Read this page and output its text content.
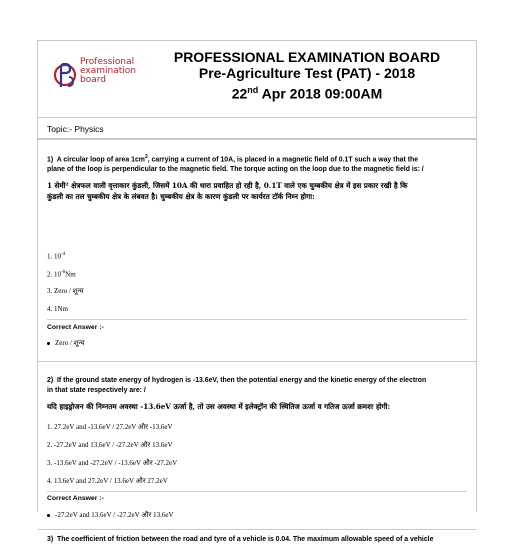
Professional
examination
board
PROFESSIONAL EXAMINATION BOARD
Pre-Agriculture Test (PAT) - 2018
22nd Apr 2018 09:00AM
Topic:- Physics

1) A circular loop of area $1cm^2$, carrying a current of 10A, is placed in a magnetic field of 0.1T such a way that the

plane of the loop is perpendicular to the magnetic field. The torque acting on the loop due to the magnetic field is: /

1 सेमी² क्षेत्रफल वाली वृत्ताकार कुंडली, जिसमें 10A की धारा प्रवाहित हो रही है, 0.1T वाले एक चुम्बकीय क्षेत्र में इस प्रकार रखी है कि

कुंडली का तल चुम्बकीय क्षेत्र के लंबवत है। चुम्बकीय क्षेत्र के कारण कुंडली पर कार्यरत टॉर्क निम्न होगा:

1. $10^{-4}$

2. $10^{-6}Nm$

3. Zero / शून्य

4. 1Nm

Correct Answer :-
Zero / शून्य

2) If the ground state energy of hydrogen is -13.6eV, then the potential energy and the kinetic energy of the electron

in that state respectively are: /

यदि हाइड्रोजन की निम्नतम अवस्था -13.6eV ऊर्जा है, तो उस अवस्था में इलेक्ट्रॉन की स्थितिज ऊर्जा व गतिज ऊर्जा क्रमशः होगी:

1. 27.2eV and -13.6eV / 27.2eV और -13.6eV

2. -27.2eV and 13.6eV / -27.2eV और 13.6eV

3. -13.6eV and -27.2eV / -13.6eV और -27.2eV

4. 13.6eV and 27.2eV / 13.6eV और 27.2eV

Correct Answer :-
-27.2eV and 13.6eV / -27.2eV और 13.6eV

3) The coefficient of friction between the road and tyre of a vehicle is 0.04. The maximum allowable speed of a vehicle
